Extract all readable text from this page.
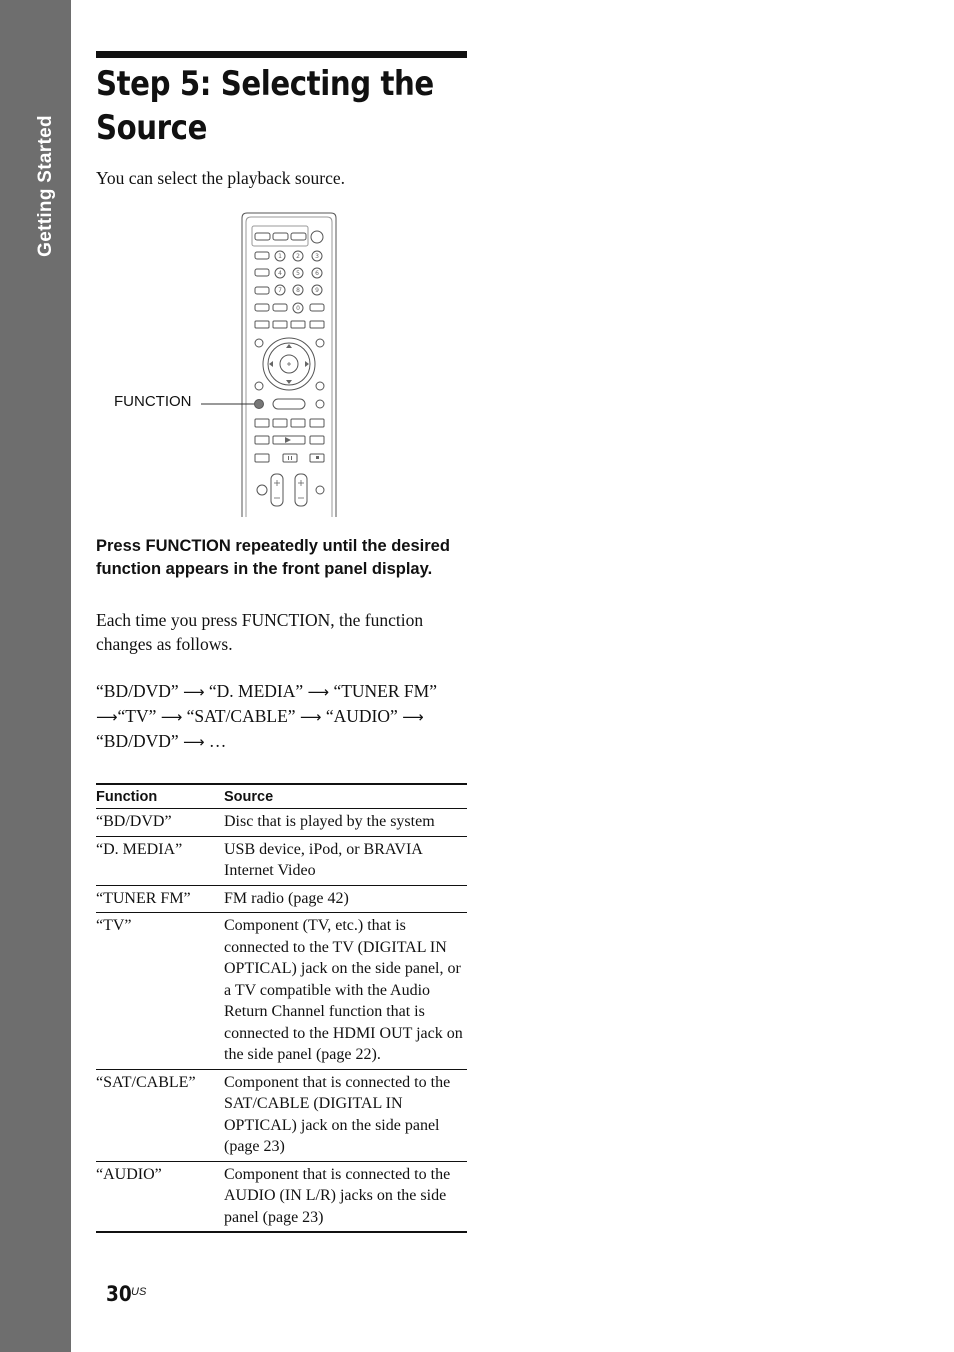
Getting Started
Step 5: Selecting the Source

You can select the playback source.

1 2	3
4 5	6
7 8	9
0
FUNCTION

Press FUNCTION repeatedly until the desired function appears in the front panel display.

Each time you press FUNCTION, the function changes as follows.

“BD/DVD” ⟶ “D. MEDIA” ⟶ “TUNER FM”
⟶“TV” ⟶ “SAT/CABLE” ⟶ “AUDIO” ⟶
“BD/DVD” ⟶ …

Function	Source
“BD/DVD”	Disc that is played by the system
“D. MEDIA”	USB device, iPod, or BRAVIA Internet Video
“TUNER FM”	FM radio (page 42)
“TV”	Component (TV, etc.) that is connected to the TV (DIGITAL IN OPTICAL) jack on the side panel, or a TV compatible with the Audio Return Channel function that is connected to the HDMI OUT jack on the side panel (page 22).
“SAT/CABLE”	Component that is connected to the SAT/CABLE (DIGITAL IN OPTICAL) jack on the side panel (page 23)
“AUDIO”	Component that is connected to the AUDIO (IN L/R) jacks on the side panel (page 23)
30 US
